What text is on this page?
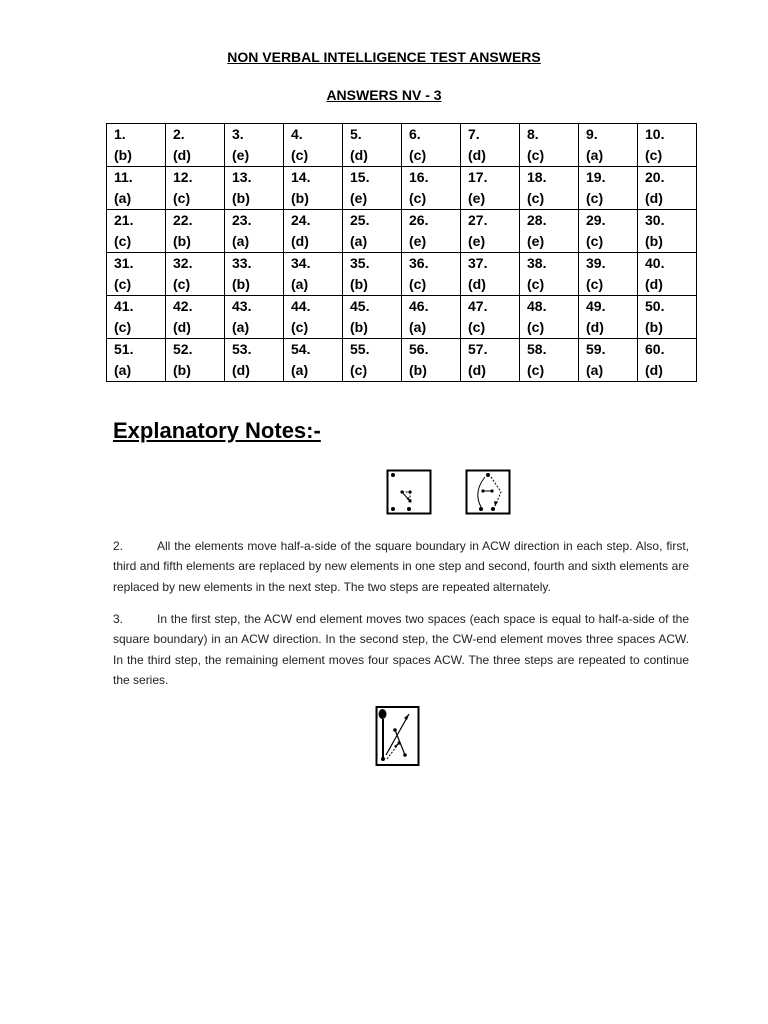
NON VERBAL INTELLIGENCE TEST ANSWERS
ANSWERS NV - 3
1.
(b)	2.
(d)	3.
(e)	4.
(c)	5.
(d)	6.
(c)	7.
(d)	8.
(c)	9.
(a)	10.
(c)

11.
(a)	12.
(c)	13.
(b)	14.
(b)	15.
(e)	16.
(c)	17.
(e)	18.
(c)	19.
(c)	20.
(d)

21.
(c)	22.
(b)	23.
(a)	24.
(d)	25.
(a)	26.
(e)	27.
(e)	28.
(e)	29.
(c)	30.
(b)

31.
(c)	32.
(c)	33.
(b)	34.
(a)	35.
(b)	36.
(c)	37.
(d)	38.
(c)	39.
(c)	40.
(d)

41.
(c)	42.
(d)	43.
(a)	44.
(c)	45.
(b)	46.
(a)	47.
(c)	48.
(c)	49.
(d)	50.
(b)

51.
(a)	52.
(b)	53.
(d)	54.
(a)	55.
(c)	56.
(b)	57.
(d)	58.
(c)	59.
(a)	60.
(d)
Explanatory Notes:-
2.	All the elements move half-a-side of the square boundary in ACW direction in each step. Also, first, third and fifth elements are replaced by new elements in one step and second, fourth and sixth elements are replaced by new elements in the next step. The two steps are repeated alternately.
3.	In the first step, the ACW end element moves two spaces (each space is equal to half-a-side of the square boundary) in an ACW direction. In the second step, the CW-end element moves three spaces ACW. In the third step, the remaining element moves four spaces ACW. The three steps are repeated to continue the series.
